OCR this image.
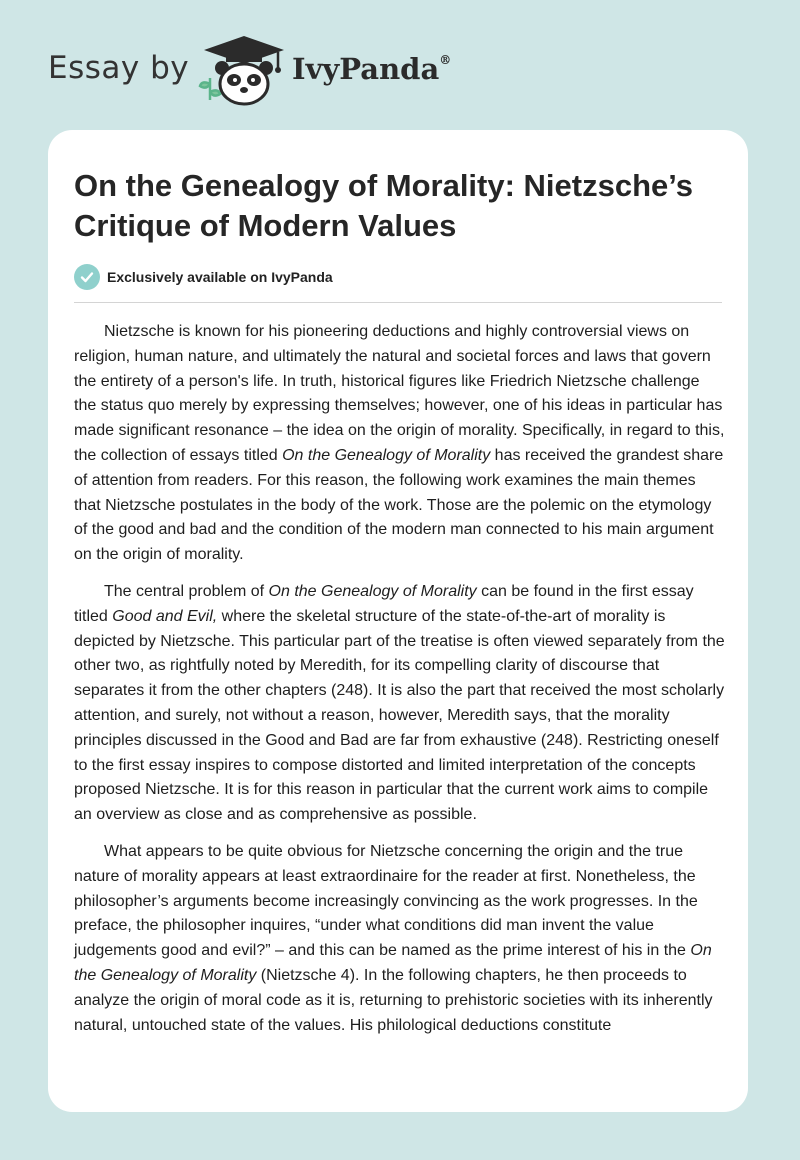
Essay by	IvyPanda®
On the Genealogy of Morality: Nietzsche’s Critique of Modern Values
Exclusively available on IvyPanda

Nietzsche is known for his pioneering deductions and highly controversial views on religion, human nature, and ultimately the natural and societal forces and laws that govern the entirety of a person's life. In truth, historical figures like Friedrich Nietzsche challenge the status quo merely by expressing themselves; however, one of his ideas in particular has made significant resonance – the idea on the origin of morality. Specifically, in regard to this, the collection of essays titled On the Genealogy of Morality has received the grandest share of attention from readers. For this reason, the following work examines the main themes that Nietzsche postulates in the body of the work. Those are the polemic on the etymology of the good and bad and the condition of the modern man connected to his main argument on the origin of morality.

The central problem of On the Genealogy of Morality can be found in the first essay titled Good and Evil, where the skeletal structure of the state-of-the-art of morality is depicted by Nietzsche. This particular part of the treatise is often viewed separately from the other two, as rightfully noted by Meredith, for its compelling clarity of discourse that separates it from the other chapters (248). It is also the part that received the most scholarly attention, and surely, not without a reason, however, Meredith says, that the morality principles discussed in the Good and Bad are far from exhaustive (248). Restricting oneself to the first essay inspires to compose distorted and limited interpretation of the concepts proposed Nietzsche. It is for this reason in particular that the current work aims to compile an overview as close and as comprehensive as possible.

What appears to be quite obvious for Nietzsche concerning the origin and the true nature of morality appears at least extraordinaire for the reader at first. Nonetheless, the philosopher’s arguments become increasingly convincing as the work progresses. In the preface, the philosopher inquires, “under what conditions did man invent the value judgements good and evil?” – and this can be named as the prime interest of his in the On the Genealogy of Morality (Nietzsche 4). In the following chapters, he then proceeds to analyze the origin of moral code as it is, returning to prehistoric societies with its inherently natural, untouched state of the values. His philological deductions constitute
